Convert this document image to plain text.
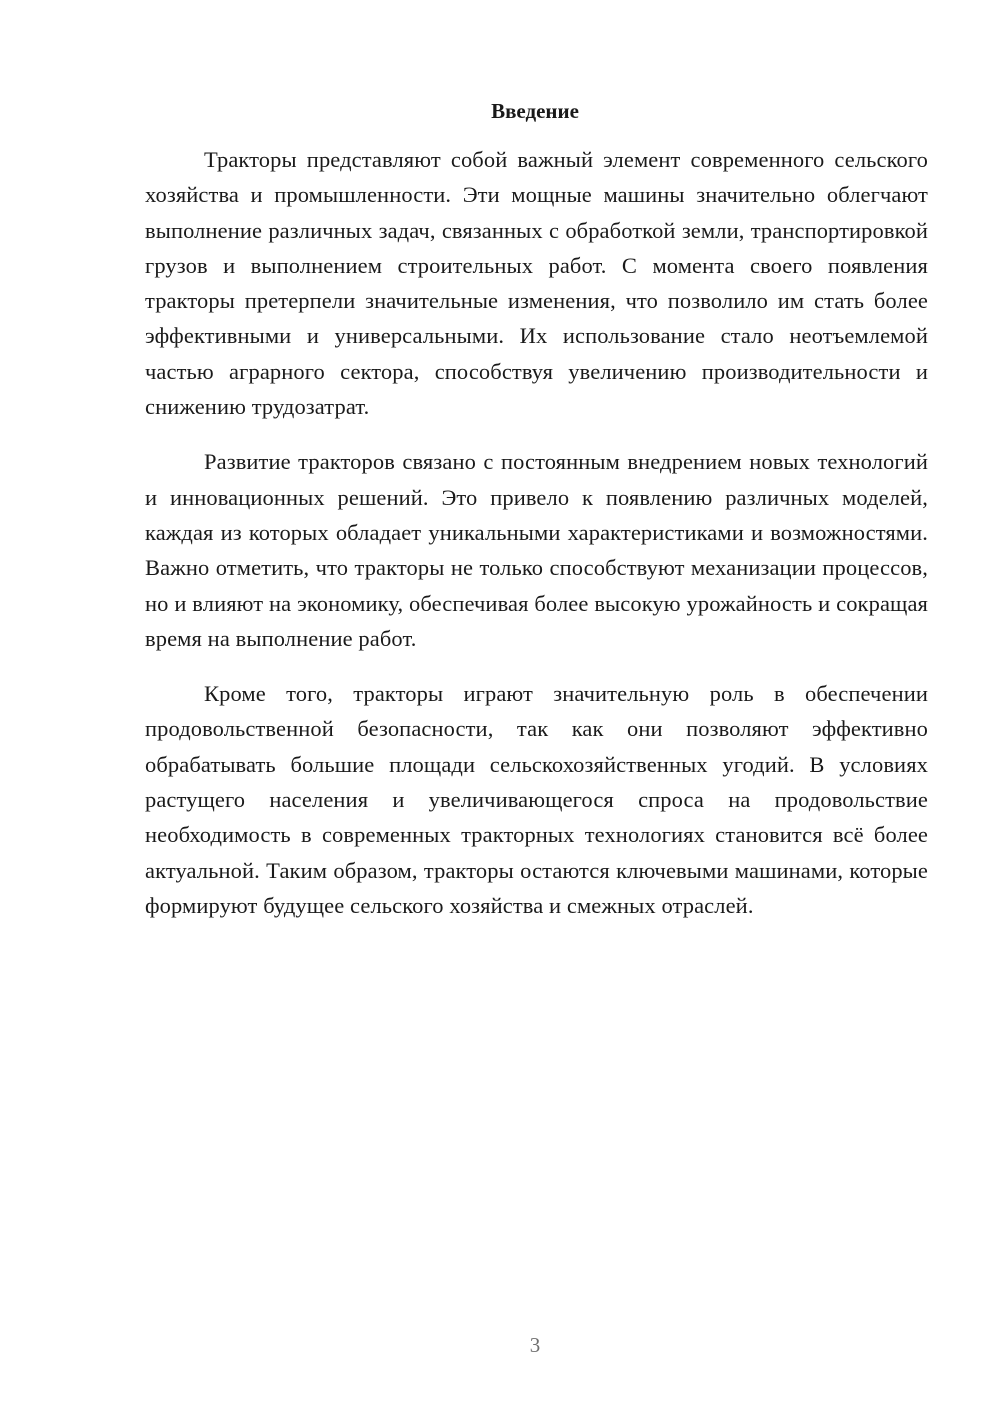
Введение

Тракторы представляют собой важный элемент современного сельского хозяйства и промышленности. Эти мощные машины значительно облегчают выполнение различных задач, связанных с обработкой земли, транспортировкой грузов и выполнением строительных работ. С момента своего появления тракторы претерпели значительные изменения, что позволило им стать более эффективными и универсальными. Их использование стало неотъемлемой частью аграрного сектора, способствуя увеличению производительности и снижению трудозатрат.

Развитие тракторов связано с постоянным внедрением новых технологий и инновационных решений. Это привело к появлению различных моделей, каждая из которых обладает уникальными характеристиками и возможностями. Важно отметить, что тракторы не только способствуют механизации процессов, но и влияют на экономику, обеспечивая более высокую урожайность и сокращая время на выполнение работ.

Кроме того, тракторы играют значительную роль в обеспечении продовольственной безопасности, так как они позволяют эффективно обрабатывать большие площади сельскохозяйственных угодий. В условиях растущего населения и увеличивающегося спроса на продовольствие необходимость в современных тракторных технологиях становится всё более актуальной. Таким образом, тракторы остаются ключевыми машинами, которые формируют будущее сельского хозяйства и смежных отраслей.

3
